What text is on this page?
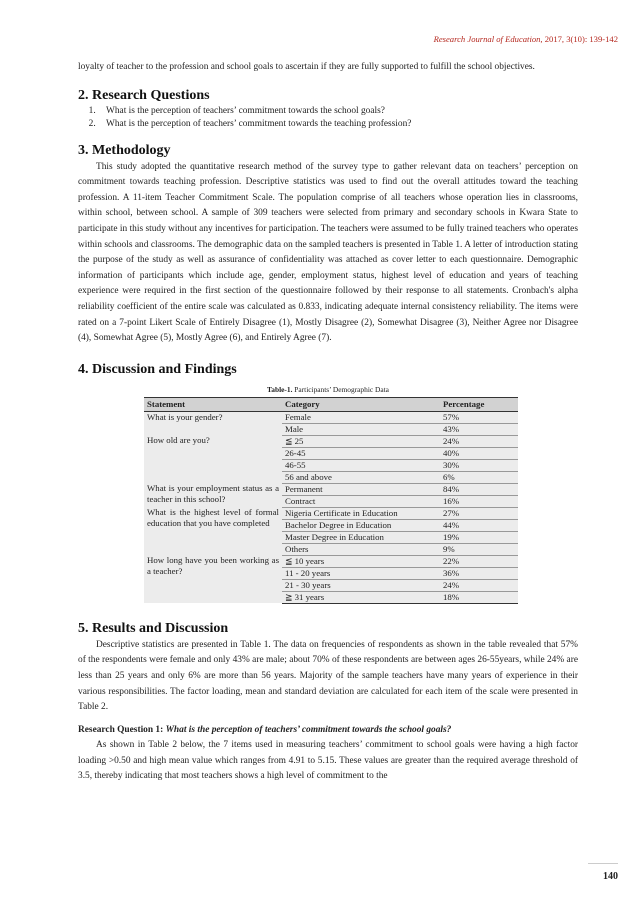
Research Journal of Education, 2017, 3(10): 139-142

loyalty of teacher to the profession and school goals to ascertain if they are fully supported to fulfill the school objectives.

2. Research Questions
1. What is the perception of teachers’ commitment towards the school goals?
2. What is the perception of teachers’ commitment towards the teaching profession?
3. Methodology

This study adopted the quantitative research method of the survey type to gather relevant data on teachers’ perception on commitment towards teaching profession. Descriptive statistics was used to find out the overall attitudes toward the teaching profession. A 11-item Teacher Commitment Scale. The population comprise of all teachers whose operation lies in classrooms, within school, between school. A sample of 309 teachers were selected from primary and secondary schools in Kwara State to participate in this study without any incentives for participation. The teachers were assumed to be fully trained teachers who operates within schools and classrooms. The demographic data on the sampled teachers is presented in Table 1. A letter of introduction stating the purpose of the study as well as assurance of confidentiality was attached as cover letter to each questionnaire. Demographic information of participants which include age, gender, employment status, highest level of education and years of teaching experience were required in the first section of the questionnaire followed by their response to all statements. Cronbach's alpha reliability coefficient of the entire scale was calculated as 0.833, indicating adequate internal consistency reliability. The items were rated on a 7-point Likert Scale of Entirely Disagree (1), Mostly Disagree (2), Somewhat Disagree (3), Neither Agree nor Disagree (4), Somewhat Agree (5), Mostly Agree (6), and Entirely Agree (7).

4. Discussion and Findings
Table-1. Participants’ Demographic Data
Statement	Category	Percentage
What is your gender?	Female	57%
	Male	43%
How old are you?	≦ 25	24%
	26-45	40%
	46-55	30%
	56 and above	6%
What is your employment status as a teacher in this school?	Permanent	84%
	Contract	16%
What is the highest level of formal education that you have completed	Nigeria Certificate in Education	27%
	Bachelor Degree in Education	44%
	Master Degree in Education	19%
	Others	9%
How long have you been working as a teacher?	≦ 10 years	22%
	11 - 20 years	36%
	21 - 30 years	24%
	≧ 31 years	18%
5. Results and Discussion

Descriptive statistics are presented in Table 1. The data on frequencies of respondents as shown in the table revealed that 57% of the respondents were female and only 43% are male; about 70% of these respondents are between ages 26-55years, while 24% are less than 25 years and only 6% are more than 56 years. Majority of the sample teachers have many years of experience in their various responsibilities. The factor loading, mean and standard deviation are calculated for each item of the scale were presented in Table 2.

Research Question 1: What is the perception of teachers’ commitment towards the school goals?

As shown in Table 2 below, the 7 items used in measuring teachers’ commitment to school goals were having a high factor loading >0.50 and high mean value which ranges from 4.91 to 5.15. These values are greater than the required average threshold of 3.5, thereby indicating that most teachers shows a high level of commitment to the

140
